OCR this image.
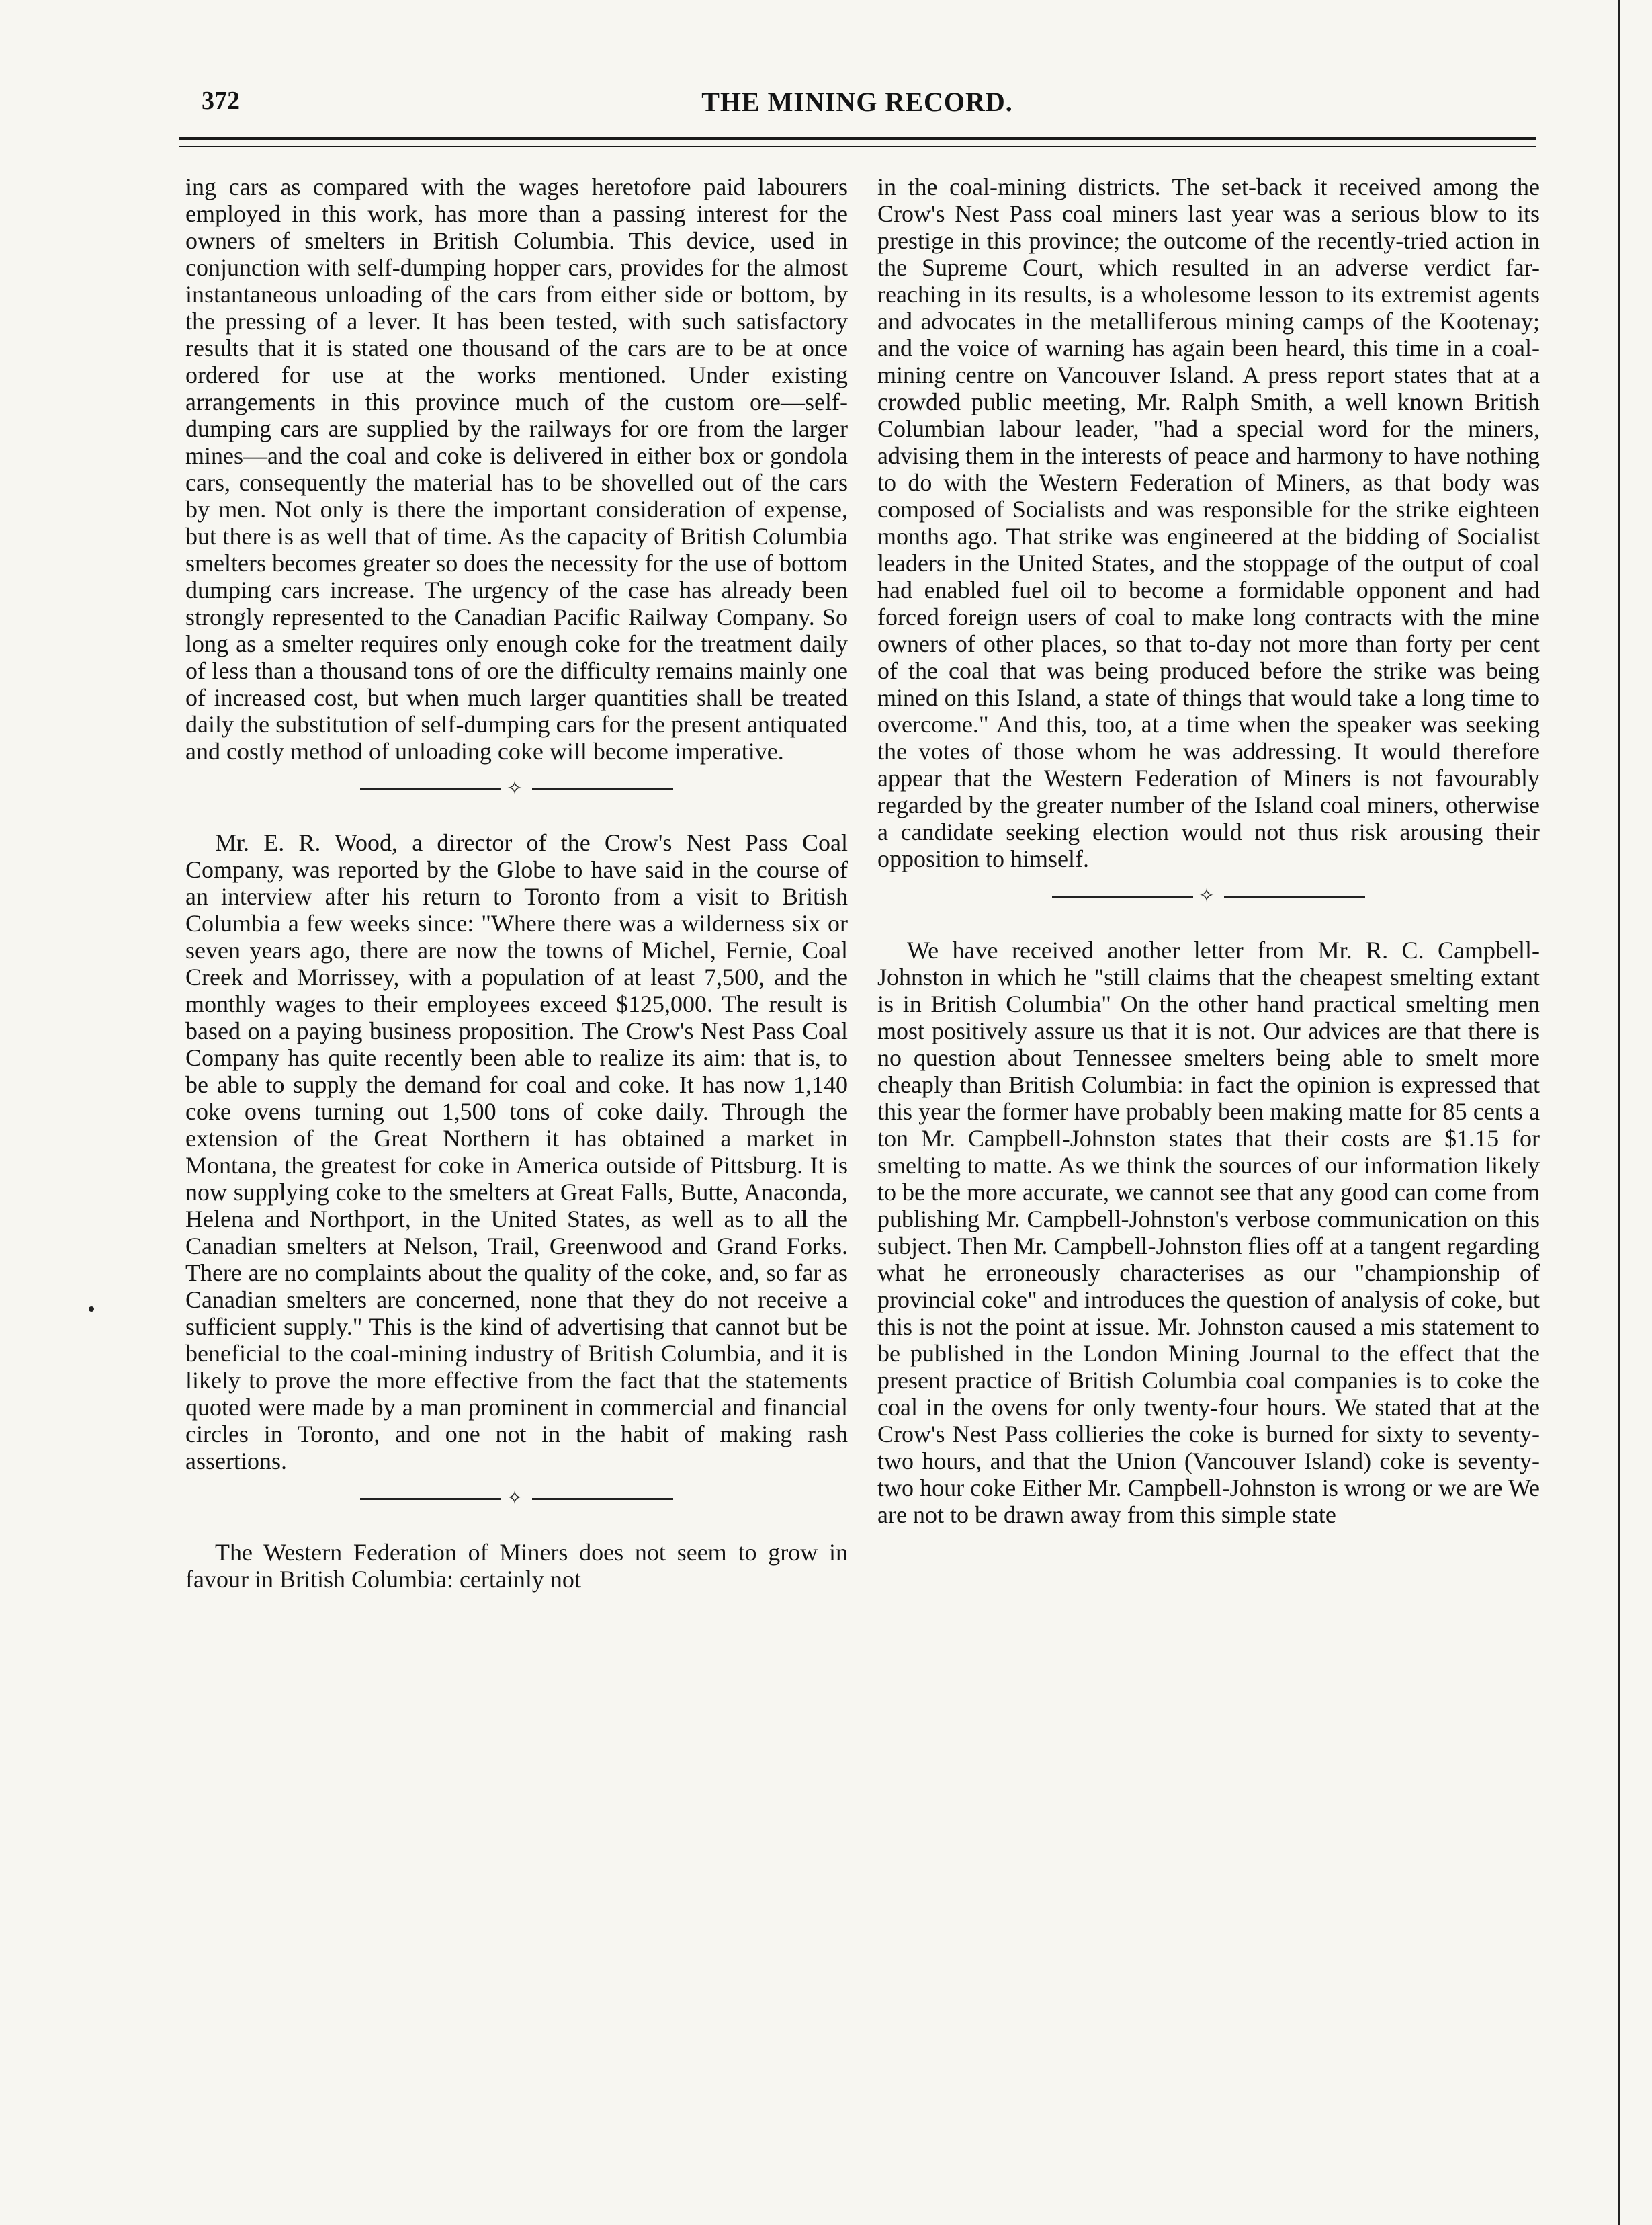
372	THE MINING RECORD.

ing cars as compared with the wages heretofore paid labourers employed in this work, has more than a passing interest for the owners of smelters in British Columbia. This device, used in conjunction with self-dumping hopper cars, provides for the almost instantaneous unloading of the cars from either side or bottom, by the pressing of a lever. It has been tested, with such satisfactory results that it is stated one thousand of the cars are to be at once ordered for use at the works mentioned. Under existing arrangements in this province much of the custom ore—self-dumping cars are supplied by the railways for ore from the larger mines—and the coal and coke is delivered in either box or gondola cars, consequently the material has to be shovelled out of the cars by men. Not only is there the important consideration of expense, but there is as well that of time. As the capacity of British Columbia smelters becomes greater so does the necessity for the use of bottom dumping cars increase. The urgency of the case has already been strongly represented to the Canadian Pacific Railway Company. So long as a smelter requires only enough coke for the treatment daily of less than a thousand tons of ore the difficulty remains mainly one of increased cost, but when much larger quantities shall be treated daily the substitution of self-dumping cars for the present antiquated and costly method of unloading coke will become imperative.

✧

Mr. E. R. Wood, a director of the Crow's Nest Pass Coal Company, was reported by the Globe to have said in the course of an interview after his return to Toronto from a visit to British Columbia a few weeks since: "Where there was a wilderness six or seven years ago, there are now the towns of Michel, Fernie, Coal Creek and Morrissey, with a population of at least 7,500, and the monthly wages to their employees exceed $125,000. The result is based on a paying business proposition. The Crow's Nest Pass Coal Company has quite recently been able to realize its aim: that is, to be able to supply the demand for coal and coke. It has now 1,140 coke ovens turning out 1,500 tons of coke daily. Through the extension of the Great Northern it has obtained a market in Montana, the greatest for coke in America outside of Pittsburg. It is now supplying coke to the smelters at Great Falls, Butte, Anaconda, Helena and Northport, in the United States, as well as to all the Canadian smelters at Nelson, Trail, Greenwood and Grand Forks. There are no complaints about the quality of the coke, and, so far as Canadian smelters are concerned, none that they do not receive a sufficient supply." This is the kind of advertising that cannot but be beneficial to the coal-mining industry of British Columbia, and it is likely to prove the more effective from the fact that the statements quoted were made by a man prominent in commercial and financial circles in Toronto, and one not in the habit of making rash assertions.

✧

The Western Federation of Miners does not seem to grow in favour in British Columbia: certainly not

in the coal-mining districts. The set-back it received among the Crow's Nest Pass coal miners last year was a serious blow to its prestige in this province; the outcome of the recently-tried action in the Supreme Court, which resulted in an adverse verdict far-reaching in its results, is a wholesome lesson to its extremist agents and advocates in the metalliferous mining camps of the Kootenay; and the voice of warning has again been heard, this time in a coal-mining centre on Vancouver Island. A press report states that at a crowded public meeting, Mr. Ralph Smith, a well known British Columbian labour leader, "had a special word for the miners, advising them in the interests of peace and harmony to have nothing to do with the Western Federation of Miners, as that body was composed of Socialists and was responsible for the strike eighteen months ago. That strike was engineered at the bidding of Socialist leaders in the United States, and the stoppage of the output of coal had enabled fuel oil to become a formidable opponent and had forced foreign users of coal to make long contracts with the mine owners of other places, so that to-day not more than forty per cent of the coal that was being produced before the strike was being mined on this Island, a state of things that would take a long time to overcome." And this, too, at a time when the speaker was seeking the votes of those whom he was addressing. It would therefore appear that the Western Federation of Miners is not favourably regarded by the greater number of the Island coal miners, otherwise a candidate seeking election would not thus risk arousing their opposition to himself.

✧

We have received another letter from Mr. R. C. Campbell-Johnston in which he "still claims that the cheapest smelting extant is in British Columbia" On the other hand practical smelting men most positively assure us that it is not. Our advices are that there is no question about Tennessee smelters being able to smelt more cheaply than British Columbia: in fact the opinion is expressed that this year the former have probably been making matte for 85 cents a ton Mr. Campbell-Johnston states that their costs are $1.15 for smelting to matte. As we think the sources of our information likely to be the more accurate, we cannot see that any good can come from publishing Mr. Campbell-Johnston's verbose communication on this subject. Then Mr. Campbell-Johnston flies off at a tangent regarding what he erroneously characterises as our "championship of provincial coke" and introduces the question of analysis of coke, but this is not the point at issue. Mr. Johnston caused a mis statement to be published in the London Mining Journal to the effect that the present practice of British Columbia coal companies is to coke the coal in the ovens for only twenty-four hours. We stated that at the Crow's Nest Pass collieries the coke is burned for sixty to seventy-two hours, and that the Union (Vancouver Island) coke is seventy-two hour coke Either Mr. Campbell-Johnston is wrong or we are We are not to be drawn away from this simple state
